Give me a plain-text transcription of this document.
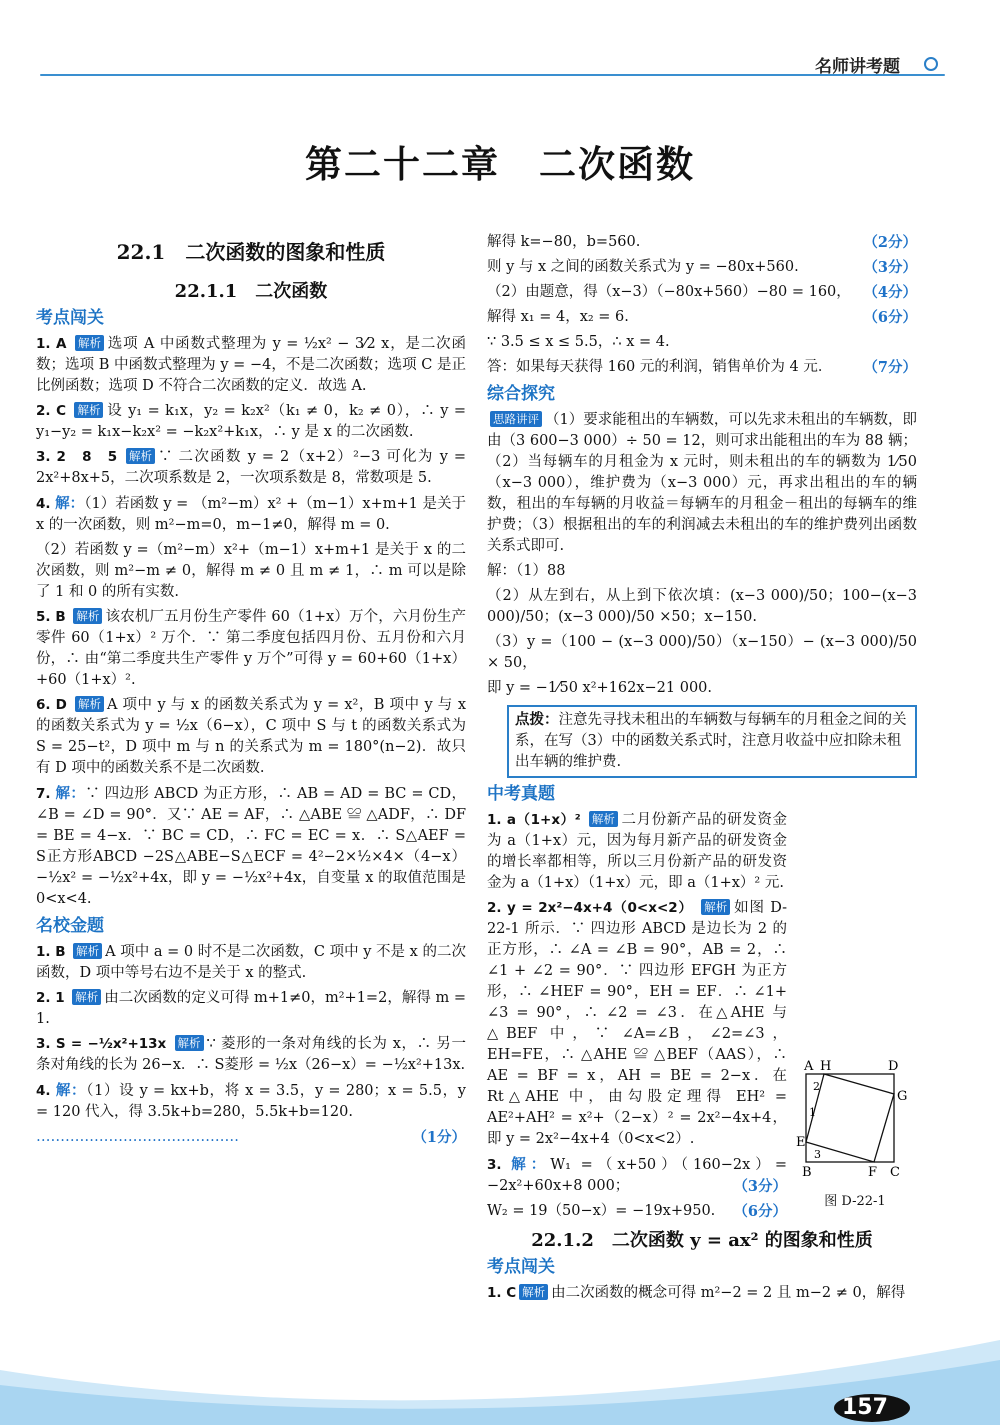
名师讲考题
第二十二章　二次函数
22.1　二次函数的图象和性质
22.1.1　二次函数
考点闯关
1. A 解析 选项 A 中函数式整理为 y = ½x² − 3⁄2 x，是二次函数；选项 B 中函数式整理为 y = −4，不是二次函数；选项 C 是正比例函数；选项 D 不符合二次函数的定义．故选 A.
2. C 解析 设 y₁ = k₁x，y₂ = k₂x²（k₁ ≠ 0，k₂ ≠ 0），∴ y = y₁−y₂ = k₁x−k₂x² = −k₂x²+k₁x，∴ y 是 x 的二次函数.
3. 2　8　5 解析 ∵ 二次函数 y = 2（x+2）²−3 可化为 y = 2x²+8x+5，二次项系数是 2，一次项系数是 8，常数项是 5.
4. 解：（1）若函数 y = （m²−m）x² +（m−1）x+m+1 是关于 x 的一次函数，则 m²−m=0，m−1≠0，解得 m = 0.
（2）若函数 y =（m²−m）x²+（m−1）x+m+1 是关于 x 的二次函数，则 m²−m ≠ 0，解得 m ≠ 0 且 m ≠ 1，∴ m 可以是除了 1 和 0 的所有实数.
5. B 解析 该农机厂五月份生产零件 60（1+x）万个，六月份生产零件 60（1+x）² 万个．∵ 第二季度包括四月份、五月份和六月份，∴ 由“第二季度共生产零件 y 万个”可得 y = 60+60（1+x）+60（1+x）².
6. D 解析 A 项中 y 与 x 的函数关系式为 y = x²，B 项中 y 与 x 的函数关系式为 y = ½x（6−x），C 项中 S 与 t 的函数关系式为 S = 25−t²，D 项中 m 与 n 的关系式为 m = 180°(n−2)．故只有 D 项中的函数关系不是二次函数.
7. 解：∵ 四边形 ABCD 为正方形，∴ AB = AD = BC = CD，∠B = ∠D = 90°．又∵ AE = AF，∴ △ABE ≌ △ADF，∴ DF = BE = 4−x．∵ BC = CD，∴ FC = EC = x．∴ S△AEF = S正方形ABCD −2S△ABE−S△ECF = 4²−2×½×4×（4−x）−½x² = −½x²+4x，即 y = −½x²+4x，自变量 x 的取值范围是 0<x<4.
名校金题
1. B 解析 A 项中 a = 0 时不是二次函数，C 项中 y 不是 x 的二次函数，D 项中等号右边不是关于 x 的整式.
2. 1 解析 由二次函数的定义可得 m+1≠0，m²+1=2，解得 m = 1.
3. S = −½x²+13x 解析 ∵ 菱形的一条对角线的长为 x，∴ 另一条对角线的长为 26−x．∴ S菱形 = ½x（26−x）= −½x²+13x.
4. 解：（1）设 y = kx+b，将 x = 3.5，y = 280；x = 5.5，y = 120 代入，得 3.5k+b=280，5.5k+b=120.
……………………………………	（1分）
解得 k=−80，b=560.	（2分）
则 y 与 x 之间的函数关系式为 y = −80x+560.	（3分）
（2）由题意，得（x−3）（−80x+560）−80 = 160， （4分）
解得 x₁ = 4，x₂ = 6.	（6分）
∵ 3.5 ≤ x ≤ 5.5，∴ x = 4.
答：如果每天获得 160 元的利润，销售单价为 4 元． （7分）
综合探究
思路讲评 （1）要求能租出的车辆数，可以先求未租出的车辆数，即由（3 600−3 000）÷ 50 = 12，则可求出能租出的车为 88 辆；（2）当每辆车的月租金为 x 元时，则未租出的车的辆数为 1⁄50（x−3 000），维护费为（x−3 000）元，再求出租出的车的辆数，租出的车每辆的月收益＝每辆车的月租金－租出的每辆车的维护费；（3）根据租出的车的利润减去未租出的车的维护费列出函数关系式即可.
解：（1）88
（2）从左到右，从上到下依次填：(x−3 000)/50；100−(x−3 000)/50；(x−3 000)/50 ×50；x−150.
（3）y =（100 − (x−3 000)/50）（x−150）− (x−3 000)/50 × 50，
即 y = −1⁄50 x²+162x−21 000.
点拨：注意先寻找未租出的车辆数与每辆车的月租金之间的关系，在写（3）中的函数关系式时，注意月收益中应扣除未租出车辆的维护费.
中考真题
1. a（1+x）² 解析 二月份新产品的研发资金为 a（1+x）元，因为每月新产品的研发资金的增长率都相等，所以三月份新产品的研发资金为 a（1+x）（1+x）元，即 a（1+x）² 元.
2. y = 2x²−4x+4（0<x<2） 解析 如图 D-22-1 所示．∵ 四边形 ABCD 是边长为 2 的正方形，∴ ∠A = ∠B = 90°，AB = 2，∴ ∠1 + ∠2 = 90°．∵ 四边形 EFGH 为正方形，∴ ∠HEF = 90°，EH = EF．∴ ∠1+ ∠3 = 90°，∴ ∠2 = ∠3．在△AHE 与△BEF 中，∵ ∠A=∠B，∠2=∠3，EH=FE，∴ △AHE ≌ △BEF（AAS），∴ AE = BF = x，AH = BE = 2−x．在 Rt△AHE 中，由勾股定理得 EH² = AE²+AH² = x²+（2−x）² = 2x²−4x+4，即 y = 2x²−4x+4（0<x<2）.
3. 解：W₁ =（x+50）（160−2x）= −2x²+60x+8 000；	（3分）
W₂ = 19（50−x）= −19x+950. （6分）
22.1.2　二次函数 y = ax² 的图象和性质
考点闯关
1. C 解析 由二次函数的概念可得 m²−2 = 2 且 m−2 ≠ 0，解得
A H	D
G
E
B	F C
2
1
3
图 D-22-1
157
